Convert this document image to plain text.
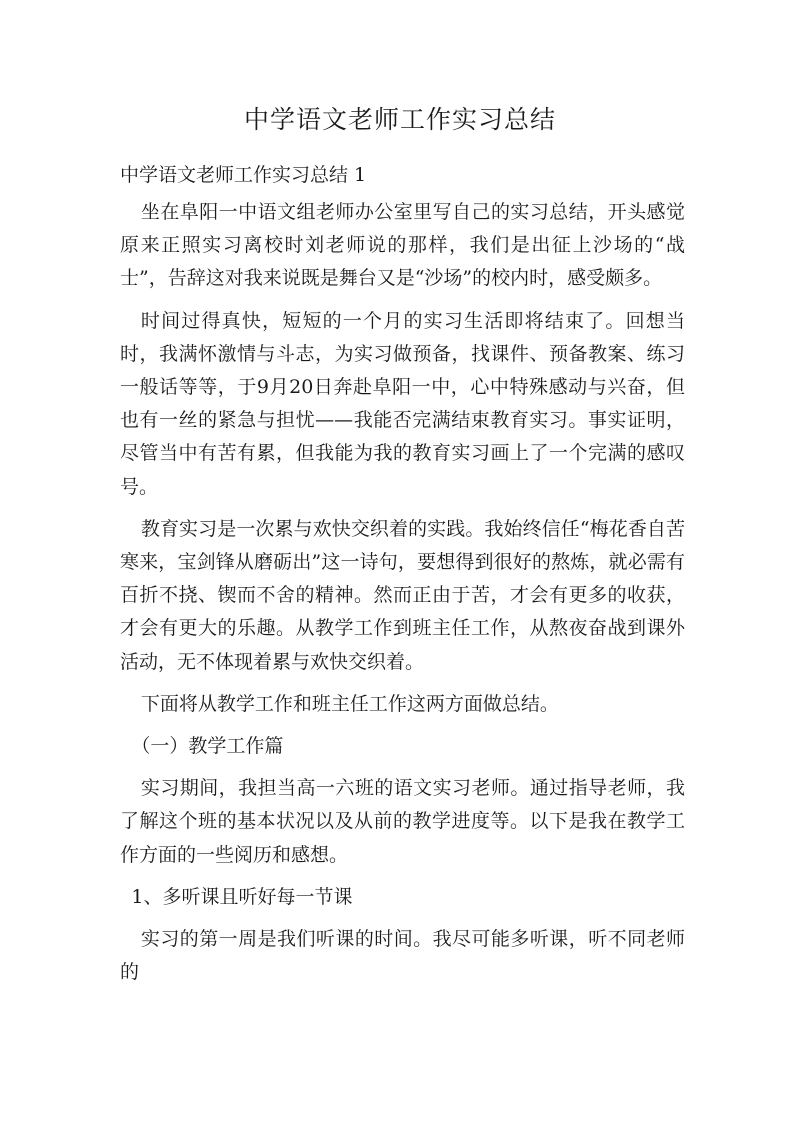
中学语文老师工作实习总结
中学语文老师工作实习总结 1

坐在阜阳一中语文组老师办公室里写自己的实习总结，开头感觉原来正照实习离校时刘老师说的那样，我们是出征上沙场的“战士”，告辞这对我来说既是舞台又是“沙场”的校内时，感受颇多。

时间过得真快，短短的一个月的实习生活即将结束了。回想当时，我满怀激情与斗志，为实习做预备，找课件、预备教案、练习一般话等等，于9月20日奔赴阜阳一中，心中特殊感动与兴奋，但也有一丝的紧急与担忧——我能否完满结束教育实习。事实证明，尽管当中有苦有累，但我能为我的教育实习画上了一个完满的感叹号。

教育实习是一次累与欢快交织着的实践。我始终信任“梅花香自苦寒来，宝剑锋从磨砺出”这一诗句，要想得到很好的熬炼，就必需有百折不挠、锲而不舍的精神。然而正由于苦，才会有更多的收获，才会有更大的乐趣。从教学工作到班主任工作，从熬夜奋战到课外活动，无不体现着累与欢快交织着。

下面将从教学工作和班主任工作这两方面做总结。

（一）教学工作篇

实习期间，我担当高一六班的语文实习老师。通过指导老师，我了解这个班的基本状况以及从前的教学进度等。以下是我在教学工作方面的一些阅历和感想。

1、多听课且听好每一节课

实习的第一周是我们听课的时间。我尽可能多听课，听不同老师的
